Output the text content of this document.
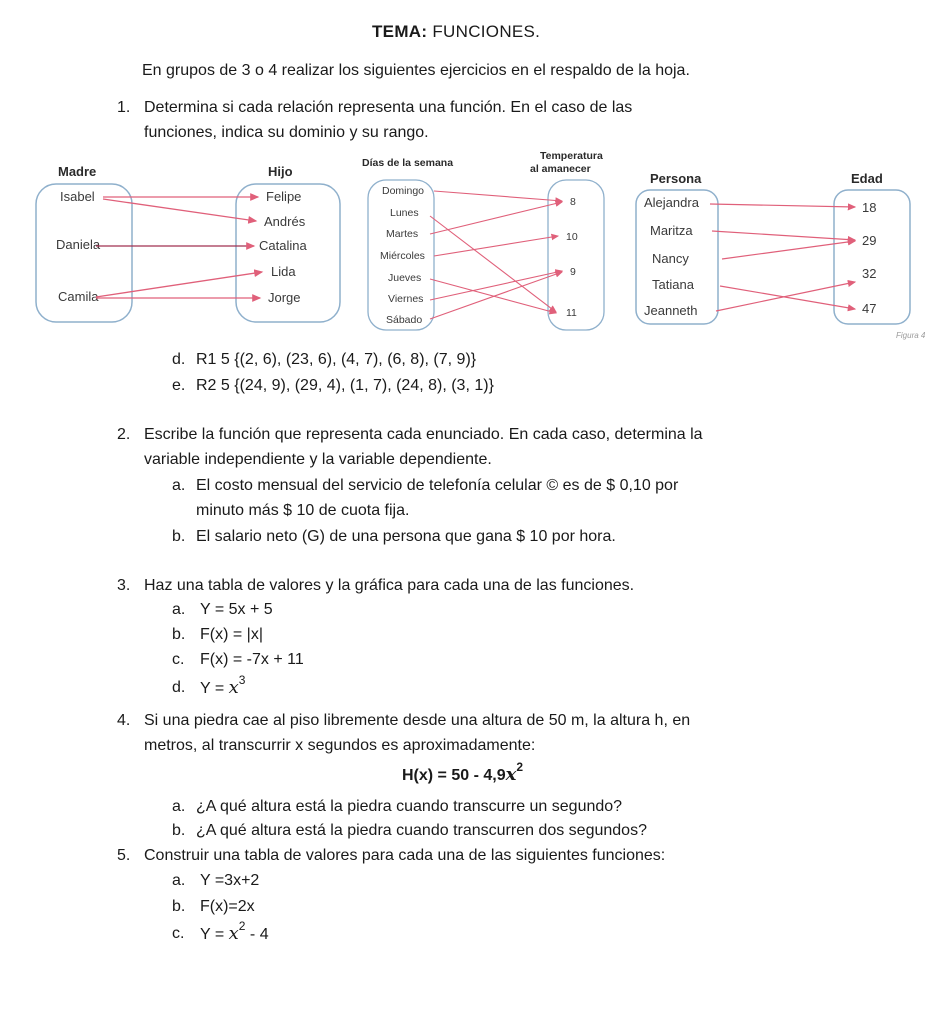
TEMA: FUNCIONES.
En grupos de 3 o 4 realizar los siguientes ejercicios en el respaldo de la hoja.
1. Determina si cada relación representa una función. En el caso de las
funciones, indica su dominio y su rango.
Madre	Hijo
Isabel
Daniela
Camila
Felipe
Andrés
Catalina
Lida
Jorge
Días de la semana
Temperatura
al amanecer
Domingo
Lunes
Martes
Miércoles
Jueves
Viernes
Sábado
8
10
9
11
Persona	Edad
Alejandra
Maritza
Nancy
Tatiana
Jeanneth
18
29
32
47
Figura 4
d. R1 5 {(2, 6), (23, 6), (4, 7), (6, 8), (7, 9)}
e. R2 5 {(24, 9), (29, 4), (1, 7), (24, 8), (3, 1)}
2. Escribe la función que representa cada enunciado. En cada caso, determina la
variable independiente y la variable dependiente.
a. El costo mensual del servicio de telefonía celular © es de $ 0,10 por
minuto más $ 10 de cuota fija.
b. El salario neto (G) de una persona que gana $ 10 por hora.
3. Haz una tabla de valores y la gráfica para cada una de las funciones.
a. Y = 5x + 5
b. F(x) = |x|
c. F(x) = -7x + 11
d. $Y = x^3$
4. Si una piedra cae al piso libremente desde una altura de 50 m, la altura h, en
metros, al transcurrir x segundos es aproximadamente:
$H(x) = 50 - 4,9x^2$
a. ¿A qué altura está la piedra cuando transcurre un segundo?
b. ¿A qué altura está la piedra cuando transcurren dos segundos?
5. Construir una tabla de valores para cada una de las siguientes funciones:
a. Y =3x+2
b. F(x)=2x
c. $Y = x^2 - 4$
